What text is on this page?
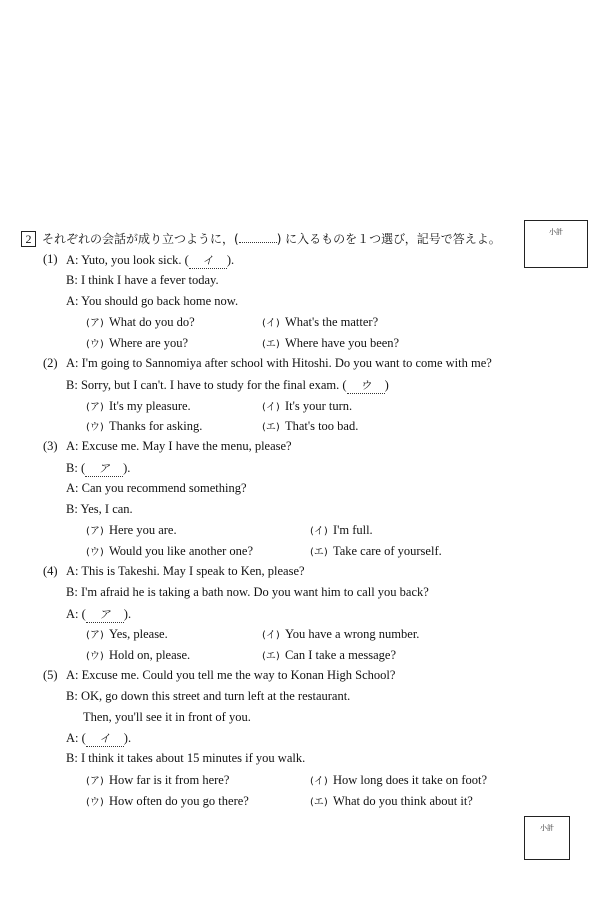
小計
小計
2 それぞれの会話が成り立つように，(	) に入るものを１つ選び，記号で答えよ。
(1) A: Yuto, you look sick. ( イ ).
B: I think I have a fever today.
A: You should go back home now.
(ア) What do you do?	(イ) What's the matter?
(ウ) Where are you?	(エ) Where have you been?
(2) A: I'm going to Sannomiya after school with Hitoshi. Do you want to come with me?
B: Sorry, but I can't. I have to study for the final exam. ( ウ )
(ア) It's my pleasure.	(イ) It's your turn.
(ウ) Thanks for asking.	(エ) That's too bad.
(3) A: Excuse me. May I have the menu, please?
B: ( ア ).
A: Can you recommend something?
B: Yes, I can.
(ア) Here you are.	(イ) I'm full.
(ウ) Would you like another one?	(エ) Take care of yourself.
(4) A: This is Takeshi. May I speak to Ken, please?
B: I'm afraid he is taking a bath now. Do you want him to call you back?
A: ( ア ).
(ア) Yes, please.	(イ) You have a wrong number.
(ウ) Hold on, please.	(エ) Can I take a message?
(5) A: Excuse me. Could you tell me the way to Konan High School?
B: OK, go down this street and turn left at the restaurant.
Then, you'll see it in front of you.
A: ( イ ).
B: I think it takes about 15 minutes if you walk.
(ア) How far is it from here?	(イ) How long does it take on foot?
(ウ) How often do you go there?	(エ) What do you think about it?
